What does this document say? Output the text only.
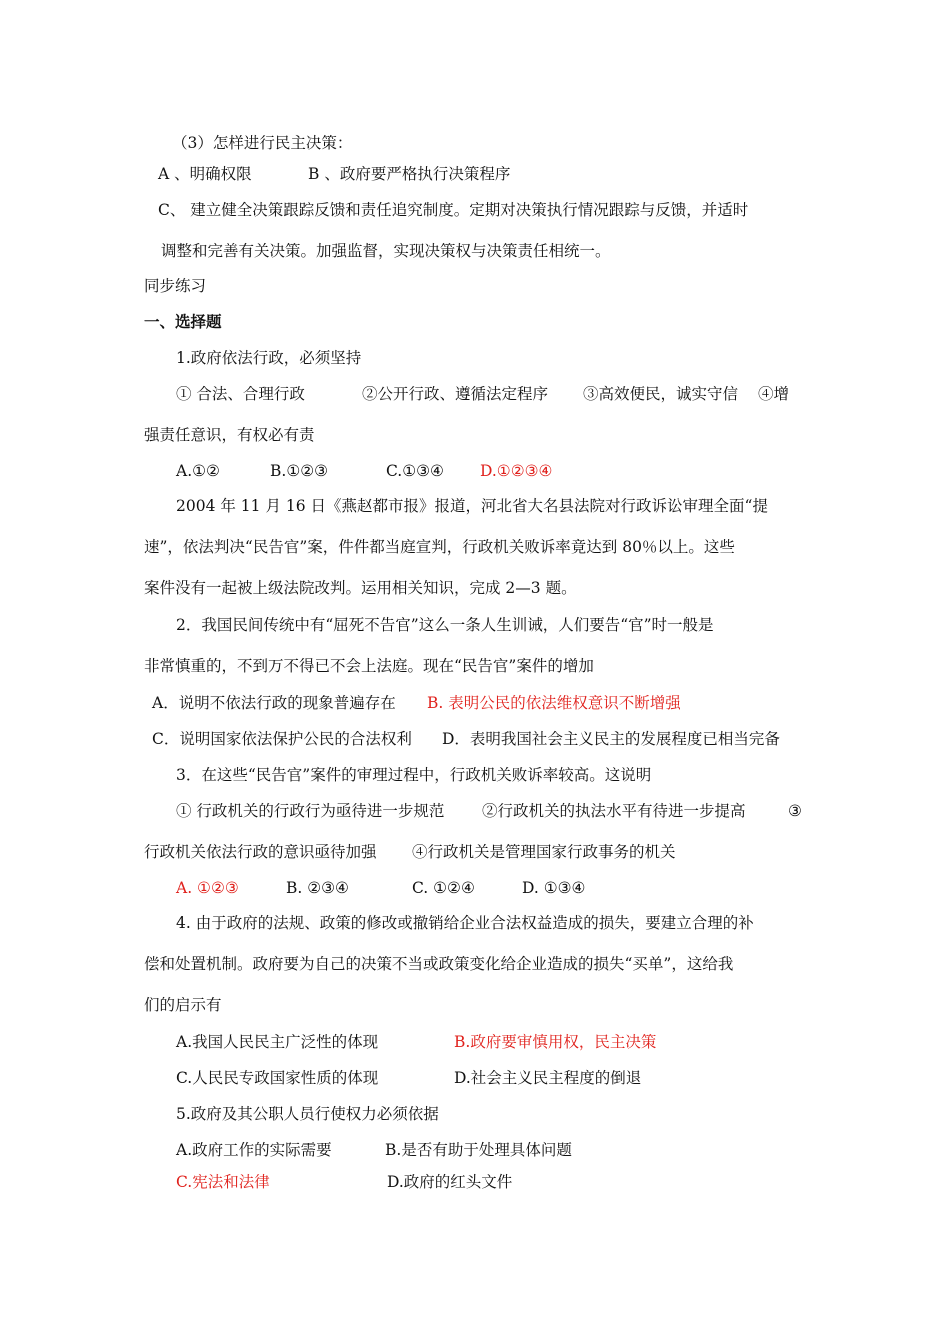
（3）怎样进行民主决策：
A 、明确权限	B 、政府要严格执行决策程序
C、 建立健全决策跟踪反馈和责任追究制度。定期对决策执行情况跟踪与反馈，并适时
调整和完善有关决策。加强监督，实现决策权与决策责任相统一。
同步练习
一、选择题
1.政府依法行政，必须坚持
① 合法、合理行政	②公开行政、遵循法定程序 ③高效便民，诚实守信 ④增
强责任意识，有权必有责
A.①②	B.①②③	C.①③④ D.①②③④
2004 年 11 月 16 日《燕赵都市报》报道，河北省大名县法院对行政诉讼审理全面“提
速”，依法判决“民告官”案，件件都当庭宣判，行政机关败诉率竟达到 80％以上。这些
案件没有一起被上级法院改判。运用相关知识，完成 2—3 题。
2．我国民间传统中有“屈死不告官”这么一条人生训诫，人们要告“官”时一般是
非常慎重的，不到万不得已不会上法庭。现在“民告官”案件的增加
A．说明不依法行政的现象普遍存在 B. 表明公民的依法维权意识不断增强
C．说明国家依法保护公民的合法权利 D．表明我国社会主义民主的发展程度已相当完备
3．在这些“民告官”案件的审理过程中，行政机关败诉率较高。这说明
① 行政机关的行政行为亟待进一步规范 ②行政机关的执法水平有待进一步提高	③
行政机关依法行政的意识亟待加强 ④行政机关是管理国家行政事务的机关
A. ①②③	B. ②③④	C. ①②④	D. ①③④
4. 由于政府的法规、政策的修改或撤销给企业合法权益造成的损失，要建立合理的补
偿和处置机制。政府要为自己的决策不当或政策变化给企业造成的损失“买单”，这给我
们的启示有
A.我国人民民主广泛性的体现	B.政府要审慎用权，民主决策
C.人民民专政国家性质的体现	D.社会主义民主程度的倒退
5.政府及其公职人员行使权力必须依据
A.政府工作的实际需要	B.是否有助于处理具体问题
C.宪法和法律	D.政府的红头文件
